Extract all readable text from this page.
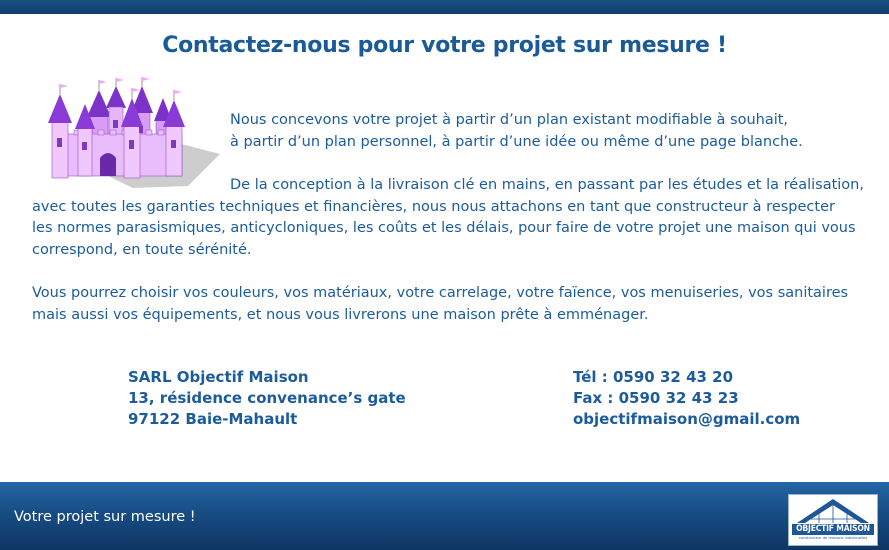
Contactez-nous pour votre projet sur mesure !

Nous concevons votre projet à partir d’un plan existant modifiable à souhait,
à partir d’un plan personnel, à partir d’une idée ou même d’une page blanche.

De la conception à la livraison clé en mains, en passant par les études et la réalisation,
avec toutes les garanties techniques et financières, nous nous attachons en tant que constructeur à respecter
les normes parasismiques, anticycloniques, les coûts et les délais, pour faire de votre projet une maison qui vous
correspond, en toute sérénité.

Vous pourrez choisir vos couleurs, vos matériaux, votre carrelage, votre faïence, vos menuiseries, vos sanitaires
mais aussi vos équipements, et nous vous livrerons une maison prête à emménager.

SARL Objectif Maison
13, résidence convenance’s gate
97122 Baie-Mahault
Tél : 0590 32 43 20
Fax : 0590 32 43 23
objectifmaison@gmail.com
Votre projet sur mesure !
OBJECTIF MAISON
constructeur de maisons individuelles
